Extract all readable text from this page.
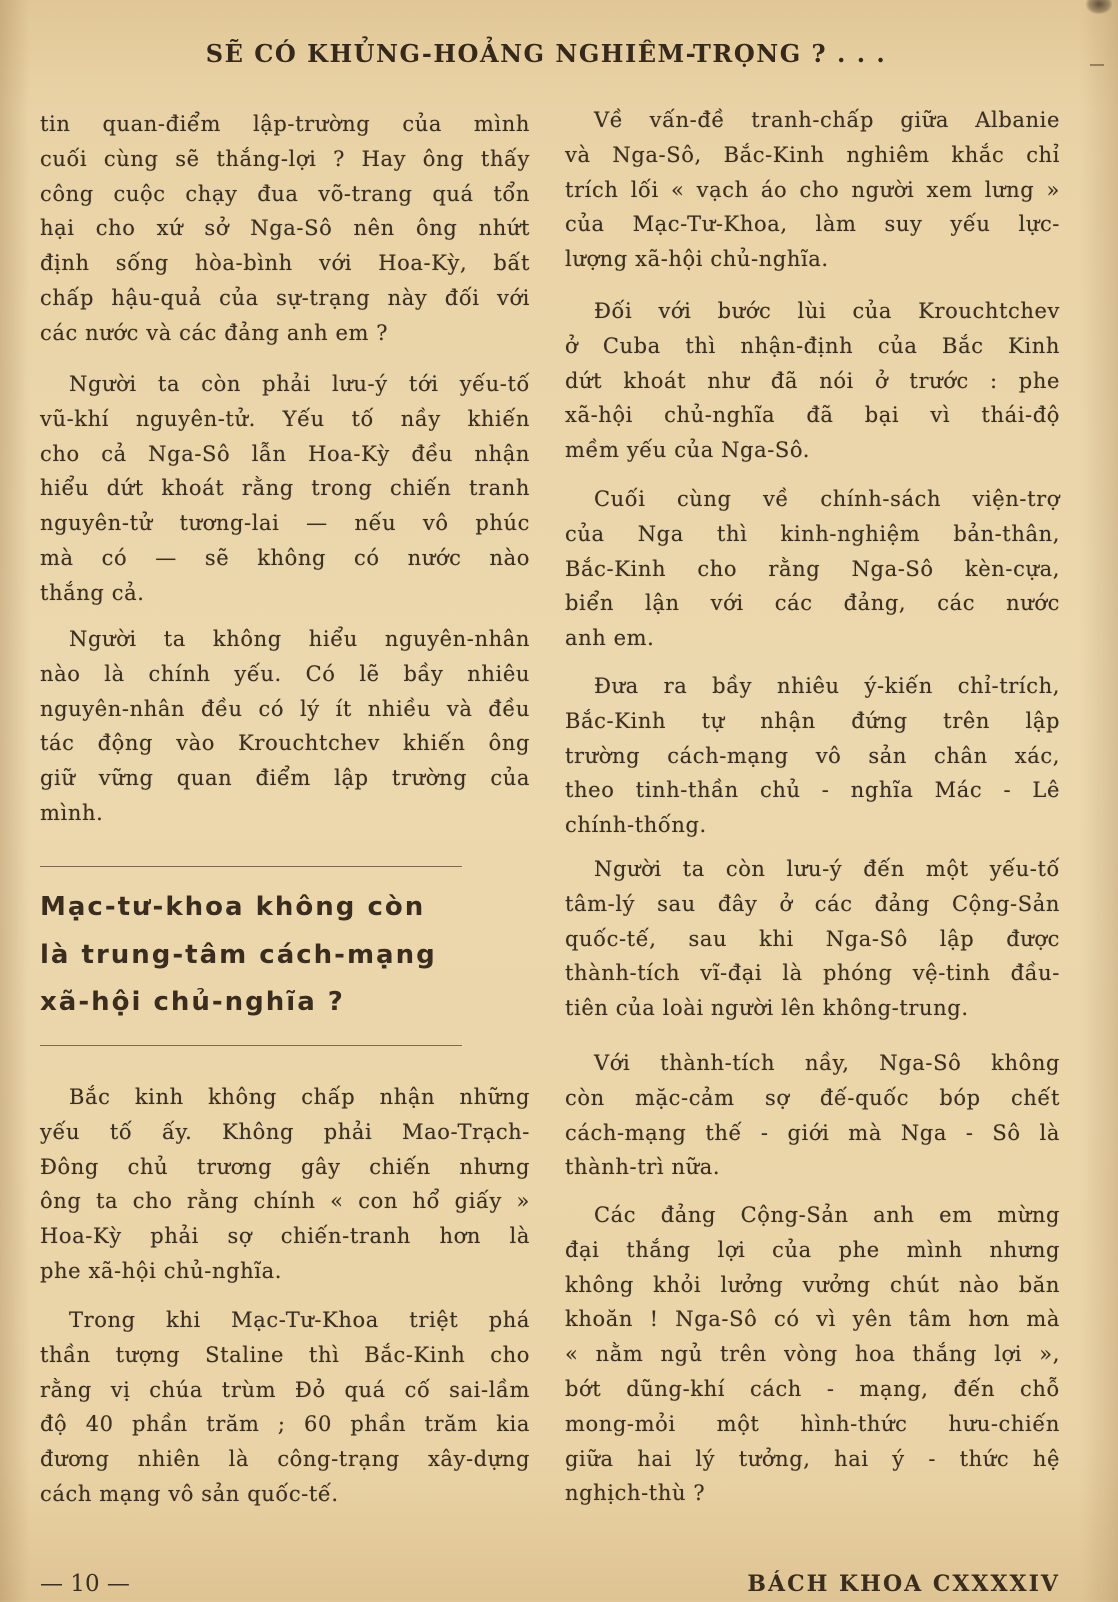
SẼ CÓ KHỦNG-HOẢNG NGHIÊM-TRỌNG ? . . .
tin quan-điểm lập-trường của mình
cuối cùng sẽ thắng-lợi ? Hay ông thấy
công cuộc chạy đua võ-trang quá tổn
hại cho xứ sở Nga-Sô nên ông nhứt
định sống hòa-bình với Hoa-Kỳ, bất
chấp hậu-quả của sự-trạng này đối với
các nước và các đảng anh em ?
Người ta còn phải lưu-ý tới yếu-tố
vũ-khí nguyên-tử. Yếu tố nầy khiến
cho cả Nga-Sô lẫn Hoa-Kỳ đều nhận
hiểu dứt khoát rằng trong chiến tranh
nguyên-tử tương-lai — nếu vô phúc
mà có — sẽ không có nước nào
thắng cả.
Người ta không hiểu nguyên-nhân
nào là chính yếu. Có lẽ bầy nhiêu
nguyên-nhân đều có lý ít nhiều và đều
tác động vào Krouchtchev khiến ông
giữ vững quan điểm lập trường của
mình.
Mạc-tư-khoa không còn
là trung-tâm cách-mạng
xã-hội chủ-nghĩa ?
Bắc kinh không chấp nhận những
yếu tố ấy. Không phải Mao-Trạch-
Đông chủ trương gây chiến nhưng
ông ta cho rằng chính « con hổ giấy »
Hoa-Kỳ phải sợ chiến-tranh hơn là
phe xã-hội chủ-nghĩa.
Trong khi Mạc-Tư-Khoa triệt phá
thần tượng Staline thì Bắc-Kinh cho
rằng vị chúa trùm Đỏ quá cố sai-lầm
độ 40 phần trăm ; 60 phần trăm kia
đương nhiên là công-trạng xây-dựng
cách mạng vô sản quốc-tế.
Về vấn-đề tranh-chấp giữa Albanie
và Nga-Sô, Bắc-Kinh nghiêm khắc chỉ
trích lối « vạch áo cho người xem lưng »
của Mạc-Tư-Khoa, làm suy yếu lực-
lượng xã-hội chủ-nghĩa.
Đối với bước lùi của Krouchtchev
ở Cuba thì nhận-định của Bắc Kinh
dứt khoát như đã nói ở trước : phe
xã-hội chủ-nghĩa đã bại vì thái-độ
mềm yếu của Nga-Sô.
Cuối cùng về chính-sách viện-trợ
của Nga thì kinh-nghiệm bản-thân,
Bắc-Kinh cho rằng Nga-Sô kèn-cựa,
biển lận với các đảng, các nước
anh em.
Đưa ra bầy nhiêu ý-kiến chỉ-trích,
Bắc-Kinh tự nhận đứng trên lập
trường cách-mạng vô sản chân xác,
theo tinh-thần chủ - nghĩa Mác - Lê
chính-thống.
Người ta còn lưu-ý đến một yếu-tố
tâm-lý sau đây ở các đảng Cộng-Sản
quốc-tế, sau khi Nga-Sô lập được
thành-tích vĩ-đại là phóng vệ-tinh đầu-
tiên của loài người lên không-trung.
Với thành-tích nầy, Nga-Sô không
còn mặc-cảm sợ đế-quốc bóp chết
cách-mạng thế - giới mà Nga - Sô là
thành-trì nữa.
Các đảng Cộng-Sản anh em mừng
đại thắng lợi của phe mình nhưng
không khỏi lưởng vưởng chút nào băn
khoăn ! Nga-Sô có vì yên tâm hơn mà
« nằm ngủ trên vòng hoa thắng lợi »,
bớt dũng-khí cách - mạng, đến chỗ
mong-mỏi một hình-thức hưu-chiến
giữa hai lý tưởng, hai ý - thức hệ
nghịch-thù ?
— 10 —	BÁCH KHOA CXXXXIV
